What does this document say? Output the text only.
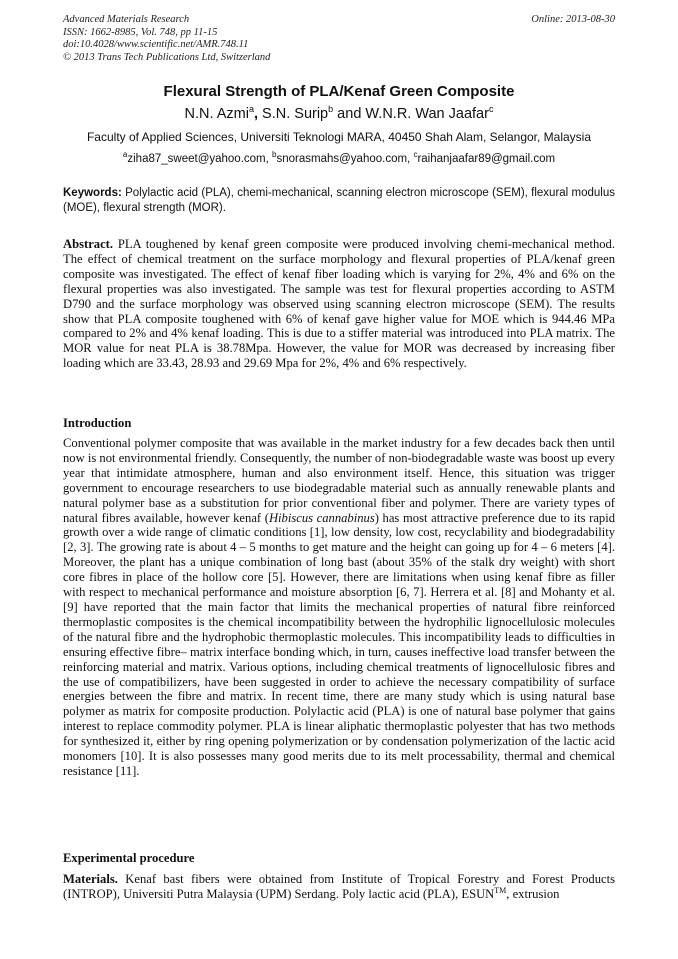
Advanced Materials Research
ISSN: 1662-8985, Vol. 748, pp 11-15
doi:10.4028/www.scientific.net/AMR.748.11
© 2013 Trans Tech Publications Ltd, Switzerland
Online: 2013-08-30
Flexural Strength of PLA/Kenaf Green Composite
N.N. Azmi$^a$, S.N. Surip$^b$ and W.N.R. Wan Jaafar$^c$
Faculty of Applied Sciences, Universiti Teknologi MARA, 40450 Shah Alam, Selangor, Malaysia
$^a$ziha87_sweet@yahoo.com, $^b$snorasmahs@yahoo.com, $^c$raihanjaafar89@gmail.com
Keywords: Polylactic acid (PLA), chemi-mechanical, scanning electron microscope (SEM), flexural modulus (MOE), flexural strength (MOR).
Abstract. PLA toughened by kenaf green composite were produced involving chemi-mechanical method. The effect of chemical treatment on the surface morphology and flexural properties of PLA/kenaf green composite was investigated. The effect of kenaf fiber loading which is varying for 2%, 4% and 6% on the flexural properties was also investigated. The sample was test for flexural properties according to ASTM D790 and the surface morphology was observed using scanning electron microscope (SEM). The results show that PLA composite toughened with 6% of kenaf gave higher value for MOE which is 944.46 MPa compared to 2% and 4% kenaf loading. This is due to a stiffer material was introduced into PLA matrix. The MOR value for neat PLA is 38.78Mpa. However, the value for MOR was decreased by increasing fiber loading which are 33.43, 28.93 and 29.69 Mpa for 2%, 4% and 6% respectively.
Introduction
Conventional polymer composite that was available in the market industry for a few decades back then until now is not environmental friendly. Consequently, the number of non-biodegradable waste was boost up every year that intimidate atmosphere, human and also environment itself. Hence, this situation was trigger government to encourage researchers to use biodegradable material such as annually renewable plants and natural polymer base as a substitution for prior conventional fiber and polymer. There are variety types of natural fibres available, however kenaf (Hibiscus cannabinus) has most attractive preference due to its rapid growth over a wide range of climatic conditions [1], low density, low cost, recyclability and biodegradability [2, 3]. The growing rate is about 4 – 5 months to get mature and the height can going up for 4 – 6 meters [4]. Moreover, the plant has a unique combination of long bast (about 35% of the stalk dry weight) with short core fibres in place of the hollow core [5]. However, there are limitations when using kenaf fibre as filler with respect to mechanical performance and moisture absorption [6, 7]. Herrera et al. [8] and Mohanty et al. [9] have reported that the main factor that limits the mechanical properties of natural fibre reinforced thermoplastic composites is the chemical incompatibility between the hydrophilic lignocellulosic molecules of the natural fibre and the hydrophobic thermoplastic molecules. This incompatibility leads to difficulties in ensuring effective fibre– matrix interface bonding which, in turn, causes ineffective load transfer between the reinforcing material and matrix. Various options, including chemical treatments of lignocellulosic fibres and the use of compatibilizers, have been suggested in order to achieve the necessary compatibility of surface energies between the fibre and matrix. In recent time, there are many study which is using natural base polymer as matrix for composite production. Polylactic acid (PLA) is one of natural base polymer that gains interest to replace commodity polymer. PLA is linear aliphatic thermoplastic polyester that has two methods for synthesized it, either by ring opening polymerization or by condensation polymerization of the lactic acid monomers [10]. It is also possesses many good merits due to its melt processability, thermal and chemical resistance [11].
Experimental procedure
Materials. Kenaf bast fibers were obtained from Institute of Tropical Forestry and Forest Products (INTROP), Universiti Putra Malaysia (UPM) Serdang. Poly lactic acid (PLA), ESUN™, extrusion
